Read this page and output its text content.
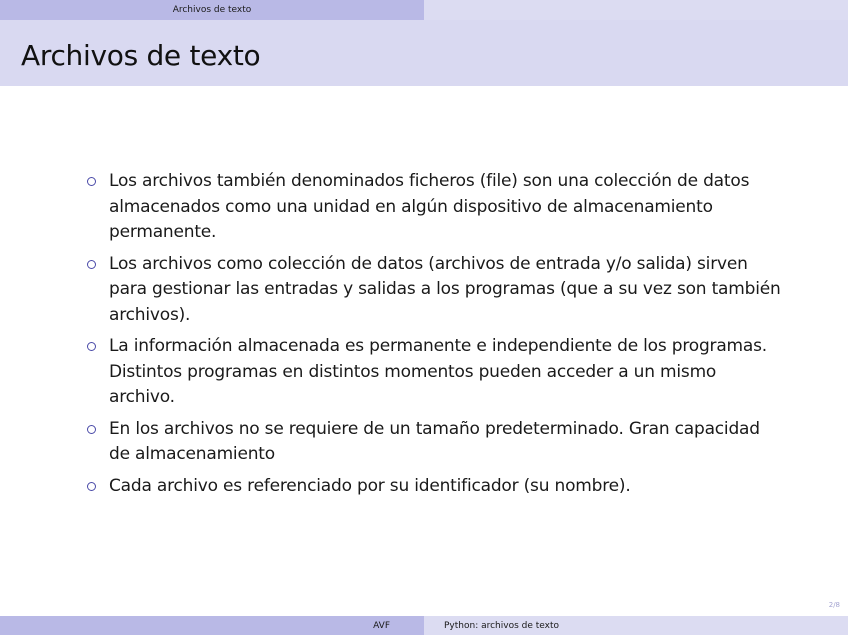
Archivos de texto
Archivos de texto
Los archivos también denominados ficheros (file) son una colección de datos almacenados como una unidad en algún dispositivo de almacenamiento permanente.
Los archivos como colección de datos (archivos de entrada y/o salida) sirven para gestionar las entradas y salidas a los programas (que a su vez son también archivos).
La información almacenada es permanente e independiente de los programas. Distintos programas en distintos momentos pueden acceder a un mismo archivo.
En los archivos no se requiere de un tamaño predeterminado. Gran capacidad de almacenamiento
Cada archivo es referenciado por su identificador (su nombre).
2/8
AVF	Python: archivos de texto
